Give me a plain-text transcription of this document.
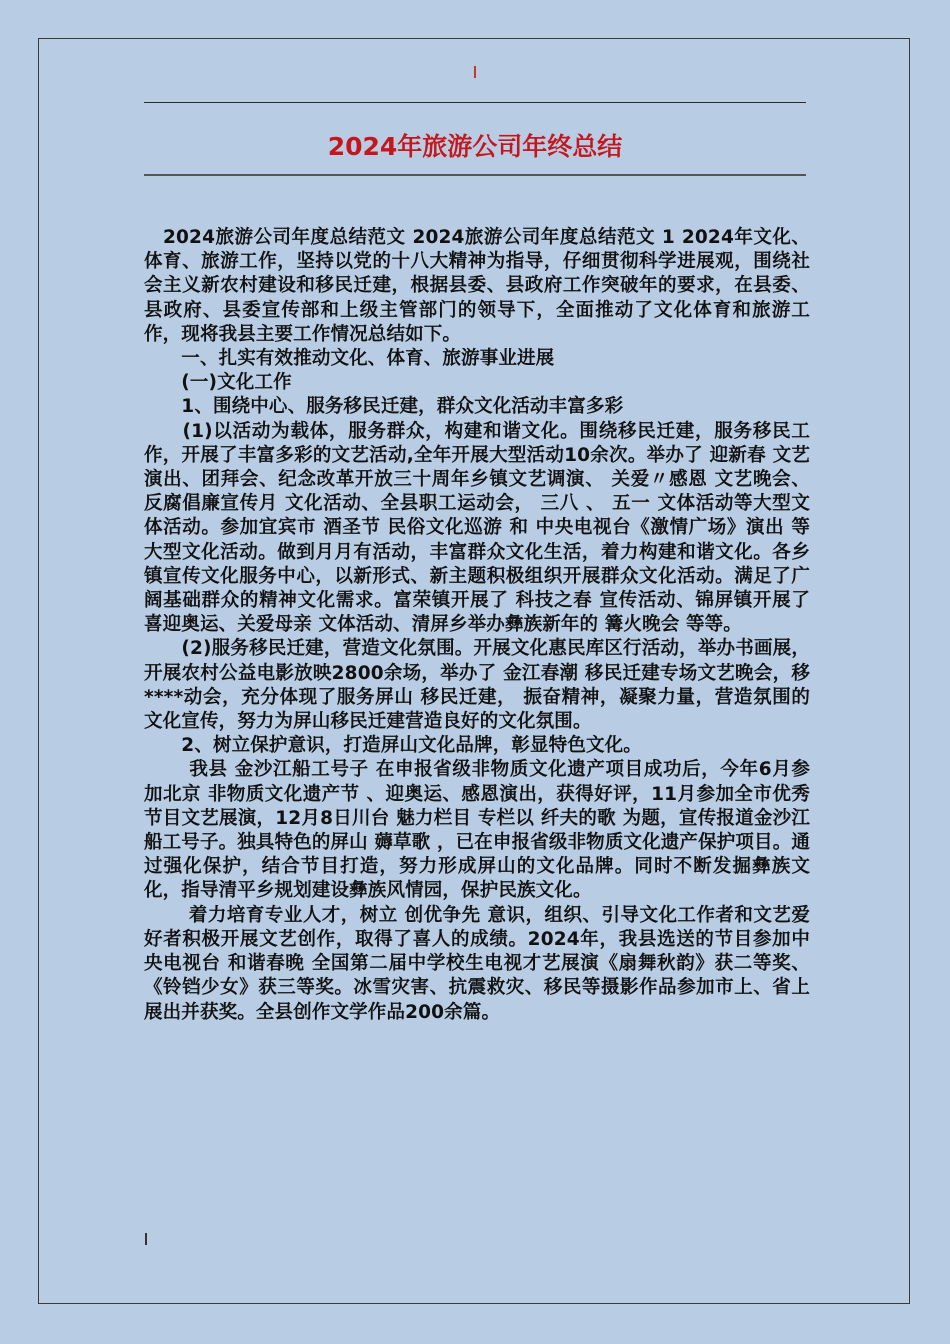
2024年旅游公司年终总结

　2024旅游公司年度总结范文 2024旅游公司年度总结范文 1 2024年文化、体育、旅游工作，坚持以党的十八大精神为指导，仔细贯彻科学进展观，围绕社会主义新农村建设和移民迁建，根据县委、县政府工作突破年的要求，在县委、县政府、县委宣传部和上级主管部门的领导下，全面推动了文化体育和旅游工作，现将我县主要工作情况总结如下。

　　一、扎实有效推动文化、体育、旅游事业进展

　　(一)文化工作

　　1、围绕中心、服务移民迁建，群众文化活动丰富多彩

　　(1)以活动为载体，服务群众，构建和谐文化。围绕移民迁建，服务移民工作，开展了丰富多彩的文艺活动,全年开展大型活动10余次。举办了 迎新春 文艺演出、团拜会、纪念改革开放三十周年乡镇文艺调演、 关爱〃感恩 文艺晚会、 反腐倡廉宣传月 文化活动、全县职工运动会， 三八 、 五一 文体活动等大型文体活动。参加宜宾市 酒圣节 民俗文化巡游 和 中央电视台《激情广场》演出 等大型文化活动。做到月月有活动，丰富群众文化生活，着力构建和谐文化。各乡镇宣传文化服务中心，以新形式、新主题积极组织开展群众文化活动。满足了广阔基础群众的精神文化需求。富荣镇开展了 科技之春 宣传活动、锦屏镇开展了 喜迎奥运、关爱母亲 文体活动、清屏乡举办彝族新年的 篝火晚会 等等。

　　(2)服务移民迁建，营造文化氛围。开展文化惠民库区行活动，举办书画展，开展农村公益电影放映2800余场，举办了 金江春潮 移民迁建专场文艺晚会，移****动会，充分体现了服务屏山 移民迁建， 振奋精神，凝聚力量，营造氛围的文化宣传，努力为屏山移民迁建营造良好的文化氛围。

　　2、树立保护意识，打造屏山文化品牌，彰显特色文化。

　　 我县 金沙江船工号子 在申报省级非物质文化遗产项目成功后，今年6月参加北京 非物质文化遗产节 、迎奥运、感恩演出，获得好评，11月参加全市优秀节目文艺展演，12月8日川台 魅力栏目 专栏以 纤夫的歌 为题，宣传报道金沙江船工号子。独具特色的屏山 薅草歌 ，已在申报省级非物质文化遗产保护项目。通过强化保护，结合节目打造，努力形成屏山的文化品牌。同时不断发掘彝族文化，指导清平乡规划建设彝族风情园，保护民族文化。

　　 着力培育专业人才，树立 创优争先 意识，组织、引导文化工作者和文艺爱好者积极开展文艺创作，取得了喜人的成绩。2024年，我县选送的节目参加中央电视台 和谐春晚 全国第二届中学校生电视才艺展演《扇舞秋韵》获二等奖、《铃铛少女》获三等奖。冰雪灾害、抗震救灾、移民等摄影作品参加市上、省上展出并获奖。全县创作文学作品200余篇。
